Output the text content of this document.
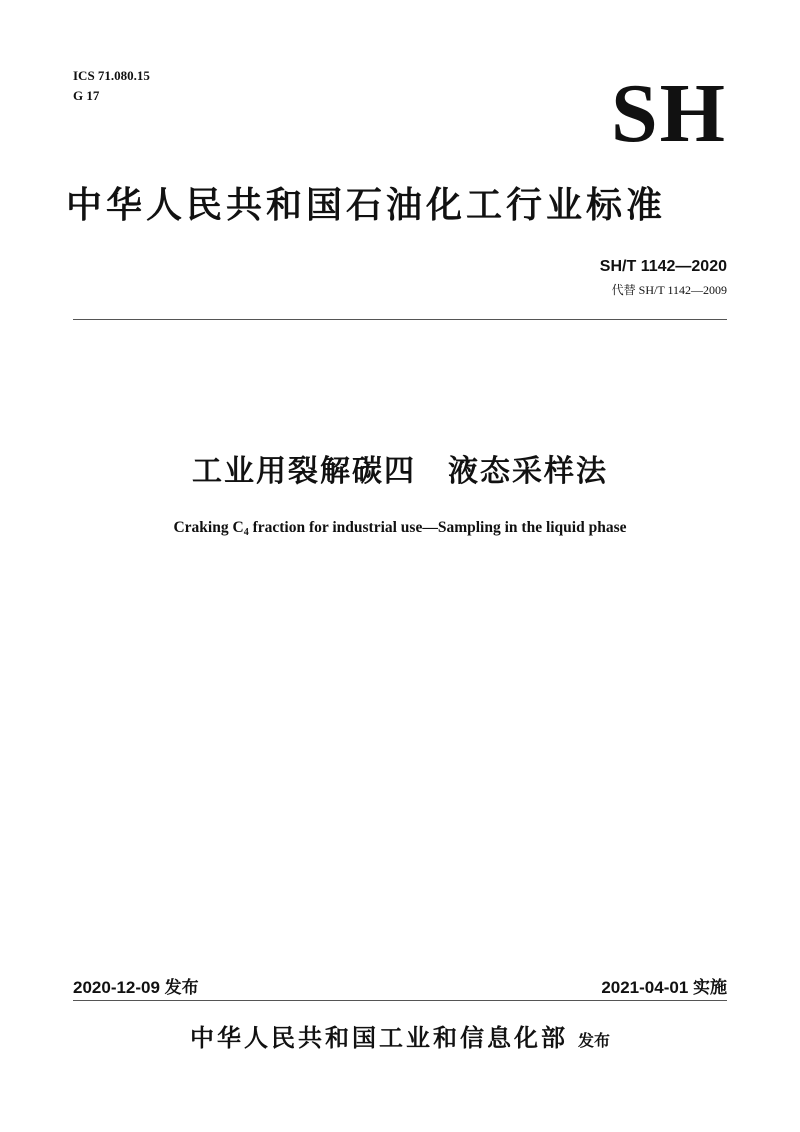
ICS 71.080.15
G 17	SH
中华人民共和国石油化工行业标准
SH/T 1142—2020
代替 SH/T 1142—2009
工业用裂解碳四　液态采样法
Craking $C_4$ fraction for industrial use—Sampling in the liquid phase
2020-12-09 发布	2021-04-01 实施
中华人民共和国工业和信息化部 发布
